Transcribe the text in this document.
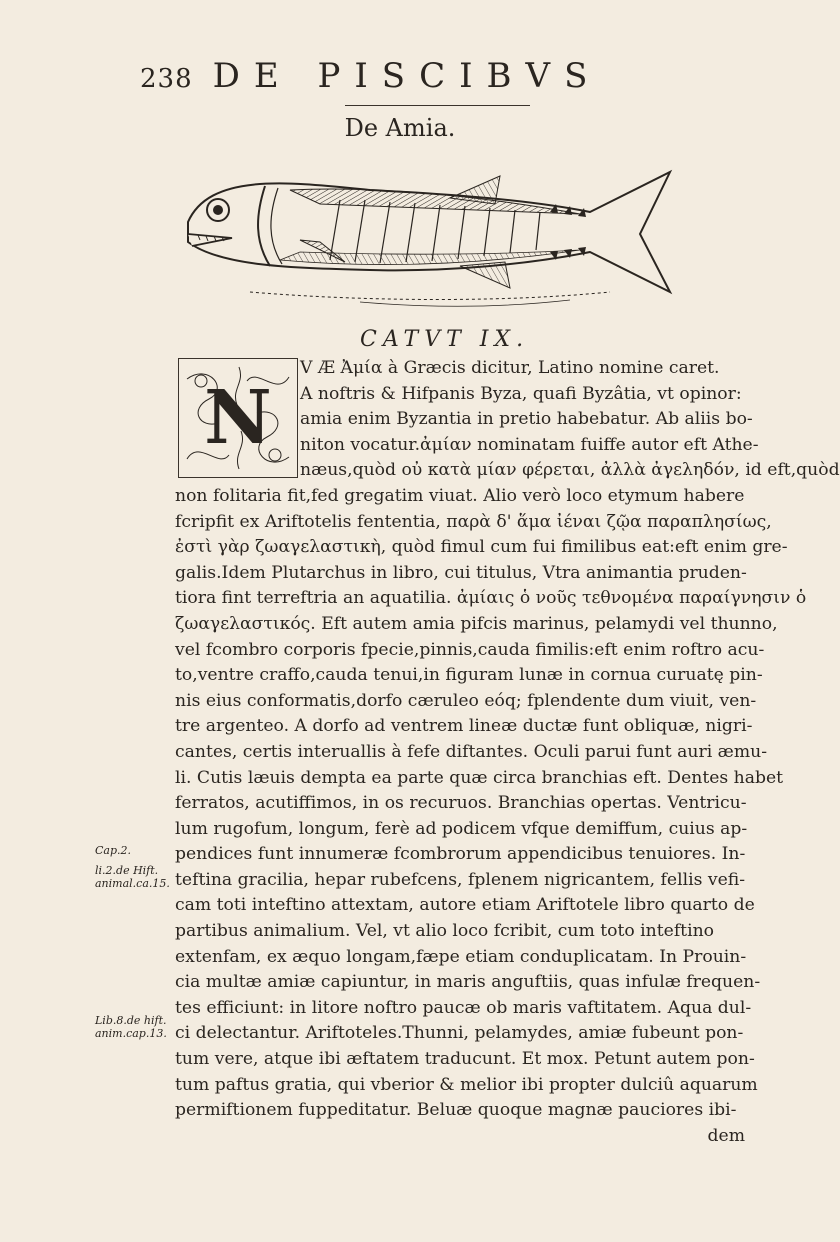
238 DE PISCIBVS
De Amia.
CATVT IX.
N
V Æ Ἀμία à Græcis dicitur, Latino nomine caret.
A noftris & Hifpanis Byza, quafi Byzâtia, vt opinor:
amia enim Byzantia in pretio habebatur. Ab aliis bo-
niton vocatur.ἀμίαν nominatam fuiffe autor eft Athe-
næus,quòd οὐ κατὰ μίαν φέρεται, ἀλλὰ ἀγεληδόν, id eft,quòd
non folitaria fit,fed gregatim viuat. Alio verò loco etymum habere
fcripfit ex Ariftotelis fententia, παρὰ δ' ἅμα ἰέναι ζῷα παραπλησίως,
ἐστὶ γὰρ ζωαγελαστικὴ, quòd fimul cum fui fimilibus eat:eft enim gre-
galis.Idem Plutarchus in libro, cui titulus, Vtra animantia pruden-
tiora fint terreftria an aquatilia. ἀμίαις ὁ νοῦς τεθνομένα παραίγνησιν ὁ
ζωαγελαστικός. Eft autem amia pifcis marinus, pelamydi vel thunno,
vel fcombro corporis fpecie,pinnis,cauda fimilis:eft enim roftro acu-
to,ventre craffo,cauda tenui,in figuram lunæ in cornua curuatę pin-
nis eius conformatis,dorfo cæruleo eóq; fplendente dum viuit, ven-
tre argenteo. A dorfo ad ventrem lineæ ductæ funt obliquæ, nigri-
cantes, certis interuallis à fefe diftantes. Oculi parui funt auri æmu-
li. Cutis læuis dempta ea parte quæ circa branchias eft. Dentes habet
ferratos, acutiffimos, in os recuruos. Branchias opertas. Ventricu-
lum rugofum, longum, ferè ad podicem vfque demiffum, cuius ap-
pendices funt innumeræ fcombrorum appendicibus tenuiores. In-
teftina gracilia, hepar rubefcens, fplenem nigricantem, fellis vefi-
cam toti inteftino attextam, autore etiam Ariftotele libro quarto de
partibus animalium. Vel, vt alio loco fcribit, cum toto inteftino
extenfam, ex æquo longam,fæpe etiam conduplicatam. In Prouin-
cia multæ amiæ capiuntur, in maris anguftiis, quas infulæ frequen-
tes efficiunt: in litore noftro paucæ ob maris vaftitatem. Aqua dul-
ci delectantur. Ariftoteles.Thunni, pelamydes, amiæ fubeunt pon-
tum vere, atque ibi æftatem traducunt. Et mox. Petunt autem pon-
tum paftus gratia, qui vberior & melior ibi propter dulciû aquarum
permiftionem fuppeditatur. Beluæ quoque magnæ pauciores ibi-
dem
Cap.2.
li.2.de Hift. animal.ca.15.
Lib.8.de hift. anim.cap.13.
